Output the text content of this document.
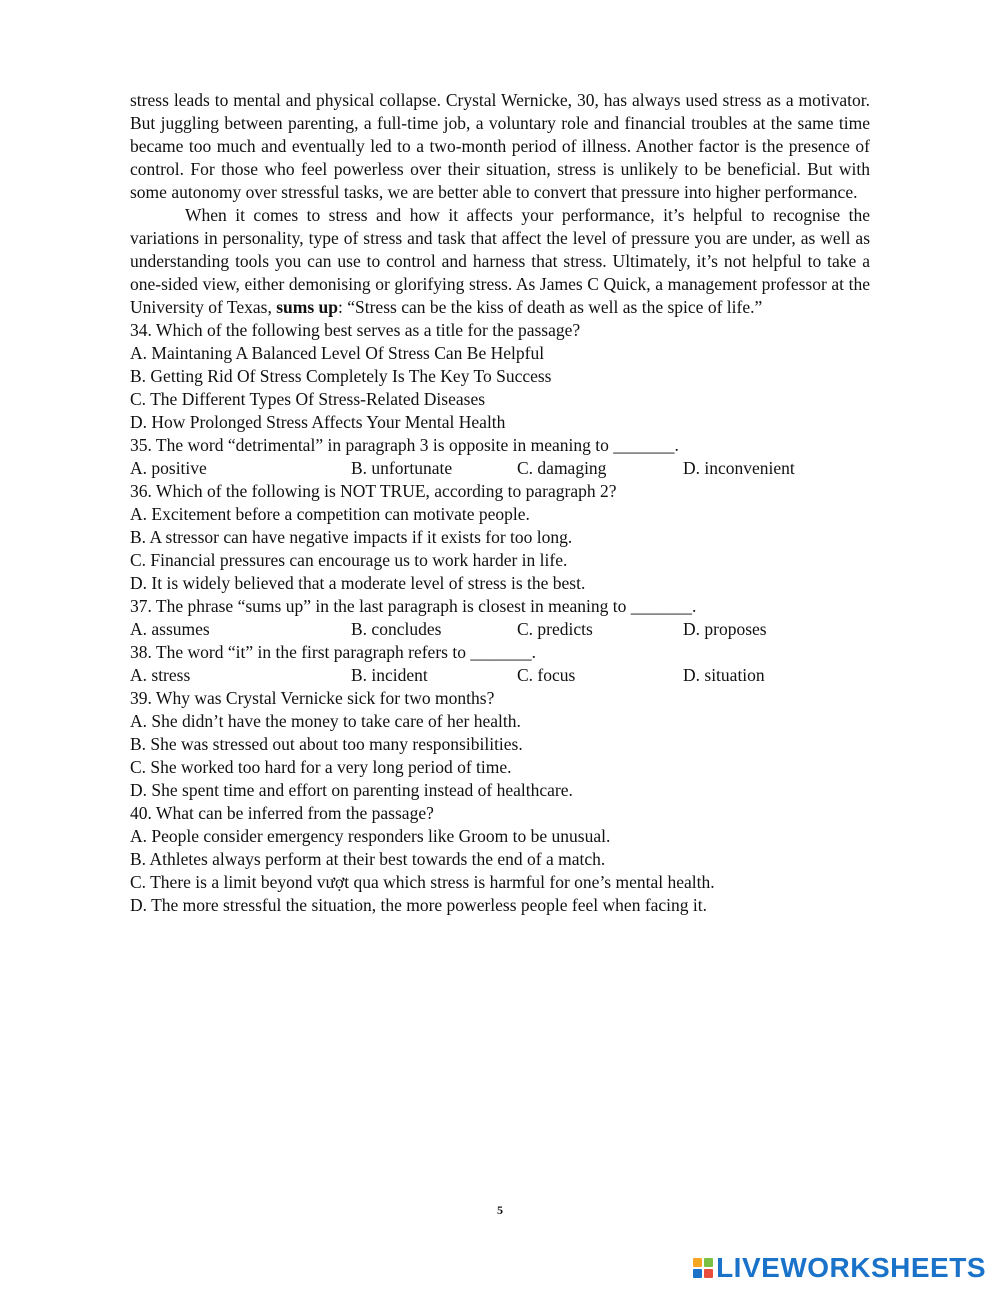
stress leads to mental and physical collapse. Crystal Wernicke, 30, has always used stress as a motivator. But juggling between parenting, a full-time job, a voluntary role and financial troubles at the same time became too much and eventually led to a two-month period of illness. Another factor is the presence of control. For those who feel powerless over their situation, stress is unlikely to be beneficial. But with some autonomy over stressful tasks, we are better able to convert that pressure into higher performance.

When it comes to stress and how it affects your performance, it’s helpful to recognise the variations in personality, type of stress and task that affect the level of pressure you are under, as well as understanding tools you can use to control and harness that stress. Ultimately, it’s not helpful to take a one-sided view, either demonising or glorifying stress. As James C Quick, a management professor at the University of Texas, sums up: “Stress can be the kiss of death as well as the spice of life.”

34. Which of the following best serves as a title for the passage?

A. Maintaning A Balanced Level Of Stress Can Be Helpful

B. Getting Rid Of Stress Completely Is The Key To Success

C. The Different Types Of Stress-Related Diseases

D. How Prolonged Stress Affects Your Mental Health

35. The word “detrimental” in paragraph 3 is opposite in meaning to _______.

A. positive	B. unfortunate	C. damaging	D. inconvenient

36. Which of the following is NOT TRUE, according to paragraph 2?

A. Excitement before a competition can motivate people.

B. A stressor can have negative impacts if it exists for too long.

C. Financial pressures can encourage us to work harder in life.

D. It is widely believed that a moderate level of stress is the best.

37. The phrase “sums up” in the last paragraph is closest in meaning to _______.

A. assumes	B. concludes	C. predicts	D. proposes

38. The word “it” in the first paragraph refers to _______.

A. stress	B. incident	C. focus	D. situation

39. Why was Crystal Vernicke sick for two months?

A. She didn’t have the money to take care of her health.

B. She was stressed out about too many responsibilities.

C. She worked too hard for a very long period of time.

D. She spent time and effort on parenting instead of healthcare.

40. What can be inferred from the passage?

A. People consider emergency responders like Groom to be unusual.

B. Athletes always perform at their best towards the end of a match.

C. There is a limit beyond vượt qua which stress is harmful for one’s mental health.

D. The more stressful the situation, the more powerless people feel when facing it.

5
LIVEWORKSHEETS
